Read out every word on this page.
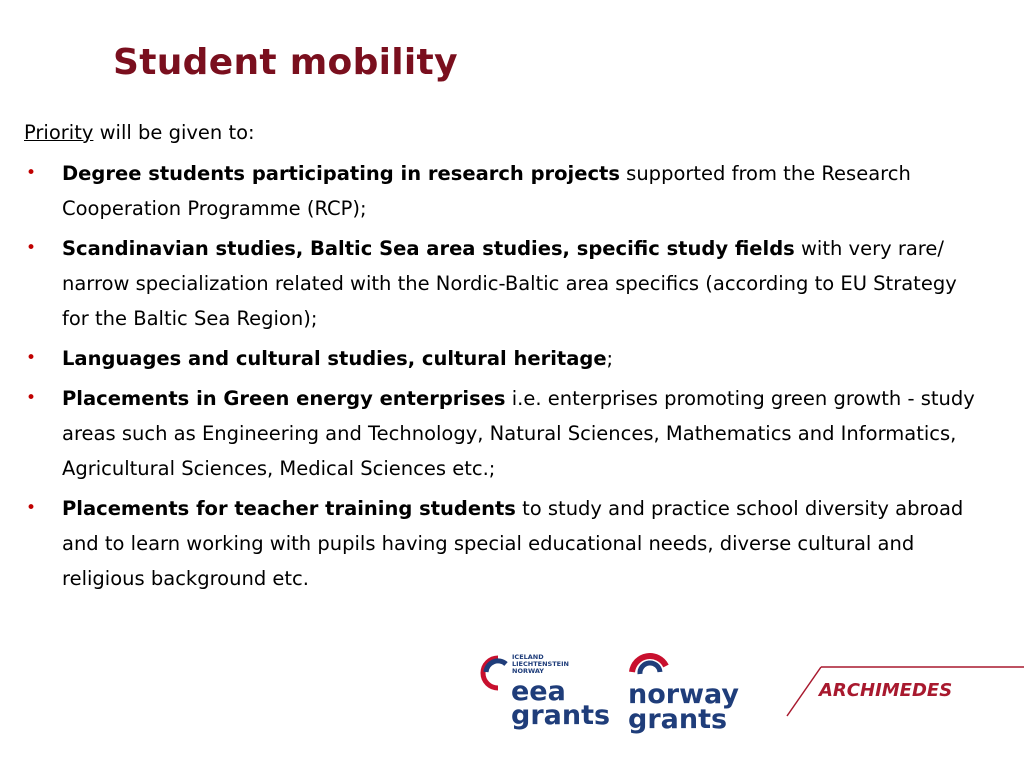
Student mobility
Priority will be given to:
• Degree students participating in research projects supported from the Research Cooperation Programme (RCP);
• Scandinavian studies, Baltic Sea area studies, specific study fields with very rare/ narrow specialization related with the Nordic-Baltic area specifics (according to EU Strategy for the Baltic Sea Region);
• Languages and cultural studies, cultural heritage;
• Placements in Green energy enterprises i.e. enterprises promoting green growth - study areas such as Engineering and Technology, Natural Sciences, Mathematics and Informatics, Agricultural Sciences, Medical Sciences etc.;
• Placements for teacher training students to study and practice school diversity abroad and to learn working with pupils having special educational needs, diverse cultural and religious background etc.
ICELAND
LIECHTENSTEIN
NORWAY
eea
grants
norway
grants
ARCHIMEDES
